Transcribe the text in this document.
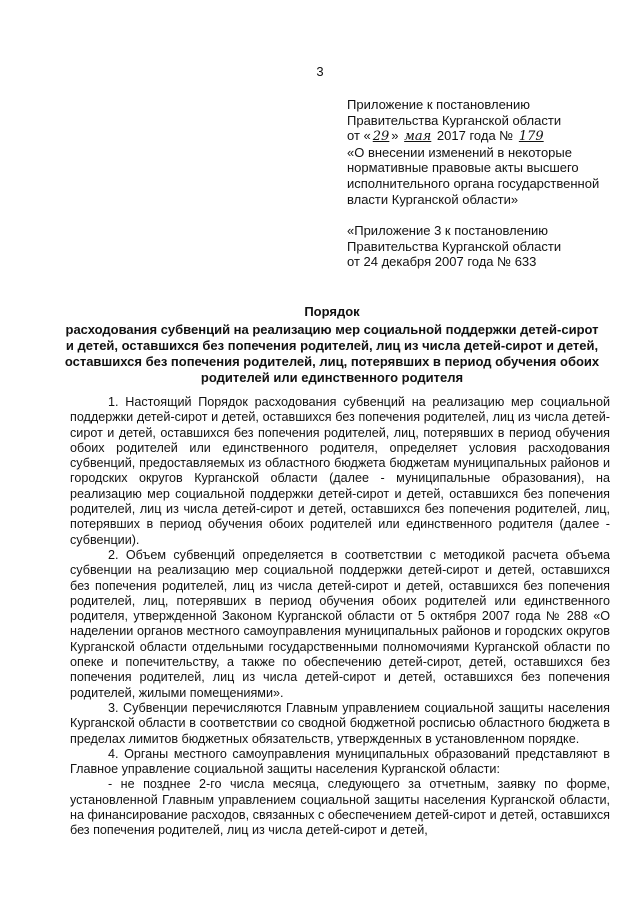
3

Приложение к постановлению

Правительства Курганской области

от « 29 » мая 2017 года № 179

«О внесении изменений в некоторые нормативные правовые акты высшего исполнительного органа государственной власти Курганской области»

«Приложение 3 к постановлению

Правительства Курганской области

от 24 декабря 2007 года № 633

Порядок

расходования субвенций на реализацию мер социальной поддержки детей-сирот и детей, оставшихся без попечения родителей, лиц из числа детей-сирот и детей, оставшихся без попечения родителей, лиц, потерявших в период обучения обоих родителей или единственного родителя

1. Настоящий Порядок расходования субвенций на реализацию мер социальной поддержки детей-сирот и детей, оставшихся без попечения родителей, лиц из числа детей-сирот и детей, оставшихся без попечения родителей, лиц, потерявших в период обучения обоих родителей или единственного родителя, определяет условия расходования субвенций, предоставляемых из областного бюджета бюджетам муниципальных районов и городских округов Курганской области (далее - муниципальные образования), на реализацию мер социальной поддержки детей-сирот и детей, оставшихся без попечения родителей, лиц из числа детей-сирот и детей, оставшихся без попечения родителей, лиц, потерявших в период обучения обоих родителей или единственного родителя (далее - субвенции).

2. Объем субвенций определяется в соответствии с методикой расчета объема субвенции на реализацию мер социальной поддержки детей-сирот и детей, оставшихся без попечения родителей, лиц из числа детей-сирот и детей, оставшихся без попечения родителей, лиц, потерявших в период обучения обоих родителей или единственного родителя, утвержденной Законом Курганской области от 5 октября 2007 года № 288 «О наделении органов местного самоуправления муниципальных районов и городских округов Курганской области отдельными государственными полномочиями Курганской области по опеке и попечительству, а также по обеспечению детей-сирот, детей, оставшихся без попечения родителей, лиц из числа детей-сирот и детей, оставшихся без попечения родителей, жилыми помещениями».

3. Субвенции перечисляются Главным управлением социальной защиты населения Курганской области в соответствии со сводной бюджетной росписью областного бюджета в пределах лимитов бюджетных обязательств, утвержденных в установленном порядке.

4. Органы местного самоуправления муниципальных образований представляют в Главное управление социальной защиты населения Курганской области:

- не позднее 2-го числа месяца, следующего за отчетным, заявку по форме, установленной Главным управлением социальной защиты населения Курганской области, на финансирование расходов, связанных с обеспечением детей-сирот и детей, оставшихся без попечения родителей, лиц из числа детей-сирот и детей,
